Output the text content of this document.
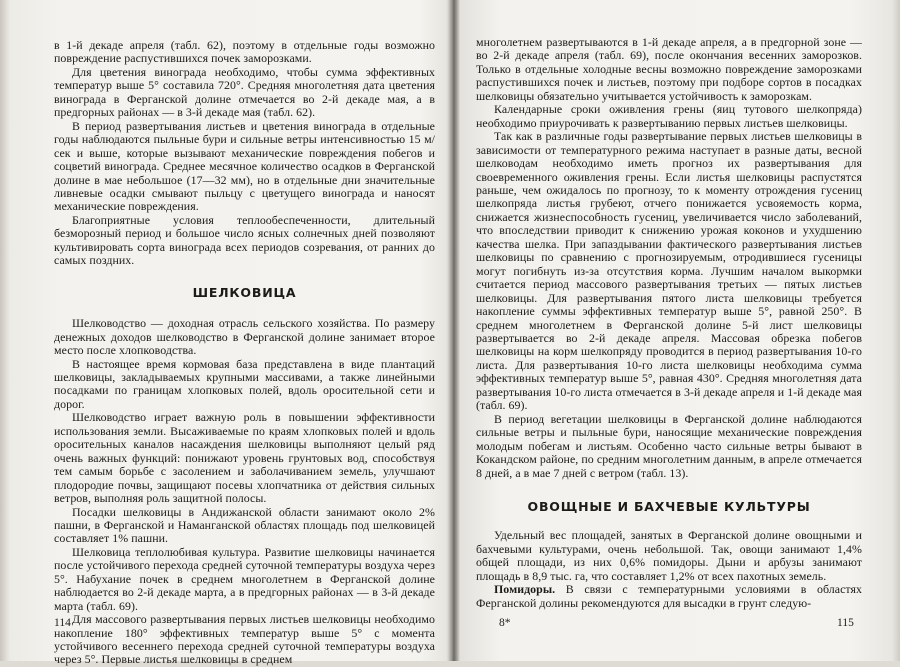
в 1-й декаде апреля (табл. 62), поэтому в отдельные годы возможно повреждение распустившихся почек заморозками.

Для цветения винограда необходимо, чтобы сумма эффективных температур выше 5° составила 720°. Средняя многолетняя дата цветения винограда в Ферганской долине отмечается во 2-й декаде мая, а в предгорных районах — в 3-й декаде мая (табл. 62).

В период развертывания листьев и цветения винограда в отдельные годы наблюдаются пыльные бури и сильные ветры интенсивностью 15 м/сек и выше, которые вызывают механические повреждения побегов и соцветий винограда. Среднее месячное количество осадков в Ферганской долине в мае небольшое (17—32 мм), но в отдельные дни значительные ливневые осадки смывают пыльцу с цветущего винограда и наносят механические повреждения.

Благоприятные условия теплообеспеченности, длительный безморозный период и большое число ясных солнечных дней позволяют культивировать сорта винограда всех периодов созревания, от ранних до самых поздних.

ШЕЛКОВИЦА

Шелководство — доходная отрасль сельского хозяйства. По размеру денежных доходов шелководство в Ферганской долине занимает второе место после хлопководства.

В настоящее время кормовая база представлена в виде плантаций шелковицы, закладываемых крупными массивами, а также линейными посадками по границам хлопковых полей, вдоль оросительной сети и дорог.

Шелководство играет важную роль в повышении эффективности использования земли. Высаживаемые по краям хлопковых полей и вдоль оросительных каналов насаждения шелковицы выполняют целый ряд очень важных функций: понижают уровень грунтовых вод, способствуя тем самым борьбе с засолением и заболачиванием земель, улучшают плодородие почвы, защищают посевы хлопчатника от действия сильных ветров, выполняя роль защитной полосы.

Посадки шелковицы в Андижанской области занимают около 2% пашни, в Ферганской и Наманганской областях площадь под шелковицей составляет 1% пашни.

Шелковица теплолюбивая культура. Развитие шелковицы начинается после устойчивого перехода средней суточной температуры воздуха через 5°. Набухание почек в среднем многолетнем в Ферганской долине наблюдается во 2-й декаде марта, а в предгорных районах — в 3-й декаде марта (табл. 69).

Для массового развертывания первых листьев шелковицы необходимо накопление 180° эффективных температур выше 5° с момента устойчивого весеннего перехода средней суточной температуры воздуха через 5°. Первые листья шелковицы в среднем

114

многолетнем развертываются в 1-й декаде апреля, а в предгорной зоне — во 2-й декаде апреля (табл. 69), после окончания весенних заморозков. Только в отдельные холодные весны возможно повреждение заморозками распустившихся почек и листьев, поэтому при подборе сортов в посадках шелковицы обязательно учитывается устойчивость к заморозкам.

Календарные сроки оживления грены (яиц тутового шелкопряда) необходимо приурочивать к развертыванию первых листьев шелковицы.

Так как в различные годы развертывание первых листьев шелковицы в зависимости от температурного режима наступает в разные даты, весной шелководам необходимо иметь прогноз их развертывания для своевременного оживления грены. Если листья шелковицы распустятся раньше, чем ожидалось по прогнозу, то к моменту отрождения гусениц шелкопряда листья грубеют, отчего понижается усвояемость корма, снижается жизнеспособность гусениц, увеличивается число заболеваний, что впоследствии приводит к снижению урожая коконов и ухудшению качества шелка. При запаздывании фактического развертывания листьев шелковицы по сравнению с прогнозируемым, отродившиеся гусеницы могут погибнуть из-за отсутствия корма. Лучшим началом выкормки считается период массового развертывания третьих — пятых листьев шелковицы. Для развертывания пятого листа шелковицы требуется накопление суммы эффективных температур выше 5°, равной 250°. В среднем многолетнем в Ферганской долине 5-й лист шелковицы развертывается во 2-й декаде апреля. Массовая обрезка побегов шелковицы на корм шелкопряду проводится в период развертывания 10-го листа. Для развертывания 10-го листа шелковицы необходима сумма эффективных температур выше 5°, равная 430°. Средняя многолетняя дата развертывания 10-го листа отмечается в 3-й декаде апреля и 1-й декаде мая (табл. 69).

В период вегетации шелковицы в Ферганской долине наблюдаются сильные ветры и пыльные бури, наносящие механические повреждения молодым побегам и листьям. Особенно часто сильные ветры бывают в Кокандском районе, по средним многолетним данным, в апреле отмечается 8 дней, а в мае 7 дней с ветром (табл. 13).

ОВОЩНЫЕ И БАХЧЕВЫЕ КУЛЬТУРЫ

Удельный вес площадей, занятых в Ферганской долине овощными и бахчевыми культурами, очень небольшой. Так, овощи занимают 1,4% общей площади, из них 0,6% помидоры. Дыни и арбузы занимают площадь в 8,9 тыс. га, что составляет 1,2% от всех пахотных земель.

Помидоры. В связи с температурными условиями в областях Ферганской долины рекомендуются для высадки в грунт следую-

8*	115
